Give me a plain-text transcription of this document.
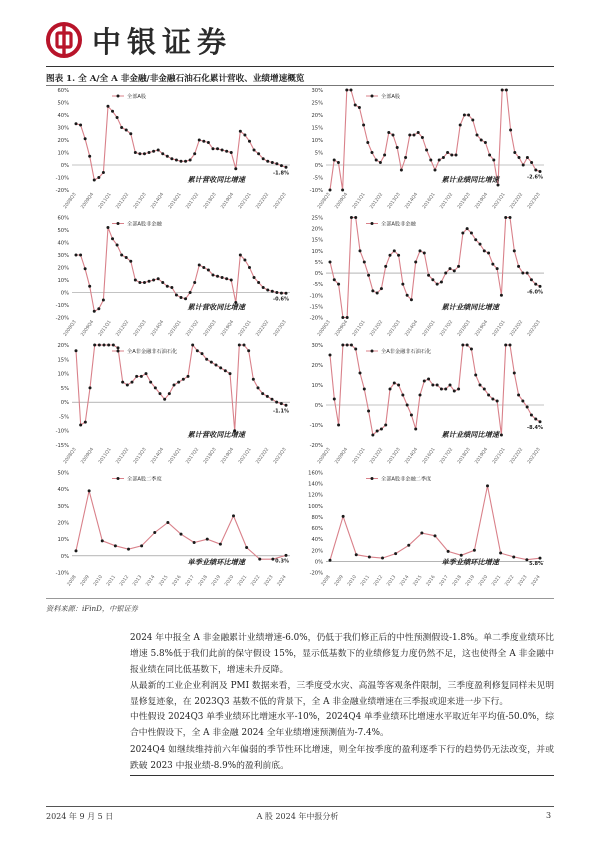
中银证券
图表 1. 全 A/全 A 非金融/非金融石油石化累计营收、业绩增速概览
-20%
-10%
0%
10%
20%
30%
40%
50%
60%
2008Q3 2009Q4 2011Q1 2012Q2 2013Q3 2014Q4 2016Q1 2017Q2 2018Q3 2019Q4 2021Q1 2022Q2 2023Q3
全部A股
累计营收同比增速
-1.8%
-10%
-5%
0%
5%
10%
15%
20%
25%
30%
2008Q3 2009Q4 2011Q1 2012Q2 2013Q3 2014Q4 2016Q1 2017Q2 2018Q3 2019Q4 2021Q1 2022Q2 2023Q3
全部A股
累计业绩同比增速	-2.6%
-20%
-10%
0%
10%
20%
30%
40%
50%
60%
2008Q3 2009Q4 2011Q1 2012Q2 2013Q3 2014Q4 2016Q1 2017Q2 2018Q3 2019Q4 2021Q1 2022Q2 2023Q3
全部A股非金融
累计营收同比增速
-0.6%
-20%
-15%
-10%
-5%
0%
5%
10%
15%
20%
25%
2008Q3 2009Q4 2011Q1 2012Q2 2013Q3 2014Q4 2016Q1 2017Q2 2018Q3 2019Q4 2021Q1 2022Q2 2023Q3
全部A股非金融
累计业绩同比增速
-6.0%
-15%
-10%
-5%
0%
5%
10%
15%
20%
2008Q3 2009Q4 2011Q1 2012Q2 2013Q3 2014Q4 2016Q1 2017Q2 2018Q3 2019Q4 2021Q1 2022Q2 2023Q3
全A非金融非石油石化
累计营收同比增速
-1.1%
-20%
-10%
0%
10%
20%
30%
2008Q3 2009Q4 2011Q1 2012Q2 2013Q3 2014Q4 2016Q1 2017Q2 2018Q3 2019Q4 2021Q1 2022Q2 2023Q3
全A非金融非石油石化
累计业绩同比增速
-8.4%
-10%
0%
10%
20%
30%
40%
50%
2008 2009 2010 2011 2012 2013 2014 2015 2016 2017 2018 2019 2020 2021 2022 2023 2024
全部A股二季度
单季业绩环比增速	0.3%
-20%
0%
20%
40%
60%
80%
100%
120%
140%
160%
2008 2009 2010 2011 2012 2013 2014 2015 2016 2017 2018 2019 2020 2021 2022 2023 2024
全部A股非金融二季度
单季业绩环比增速	5.8%
资料来源：iFinD，中银证券

2024 年中报全 A 非金融累计业绩增速-6.0%，仍低于我们修正后的中性预测假设-1.8%。单二季度业绩环比增速 5.8%低于我们此前的保守假设 15%，显示低基数下的业绩修复力度仍然不足，这也使得全 A 非金融中报业绩在同比低基数下，增速未升反降。

从最新的工业企业利润及 PMI 数据来看，三季度受水灾、高温等客观条件限制，三季度盈利修复同样未见明显修复迹象，在 2023Q3 基数不低的背景下，全 A 非金融业绩增速在三季报或迎来进一步下行。

中性假设 2024Q3 单季业绩环比增速水平-10%，2024Q4 单季业绩环比增速水平取近年平均值-50.0%，综合中性假设下，全 A 非金融 2024 全年业绩增速预测值为-7.4%。

2024Q4 如继续维持前六年偏弱的季节性环比增速，则全年按季度的盈利逐季下行的趋势仍无法改变，并或跌破 2023 中报业绩-8.9%的盈利前底。

2024 年 9 月 5 日	A 股 2024 年中报分析	3
